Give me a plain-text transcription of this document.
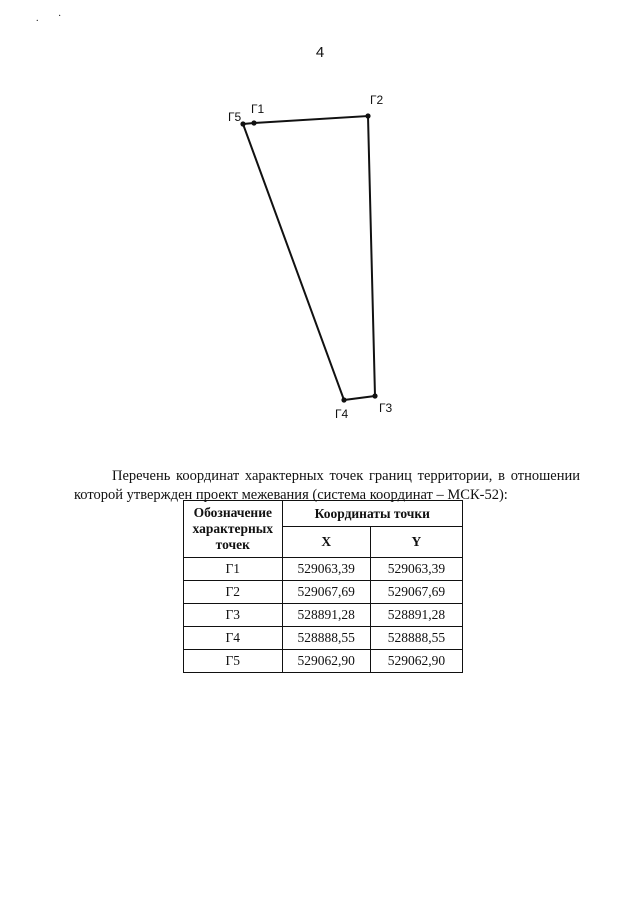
. ·
4
Г1
Г2
Г3
Г4
Г5

Перечень координат характерных точек границ территории, в отношении которой утвержден проект межевания (система координат – МСК-52):

Обозначение характерных точек	Координаты точки	
	X	Y
Г1	529063,39	529063,39
Г2	529067,69	529067,69
Г3	528891,28	528891,28
Г4	528888,55	528888,55
Г5	529062,90	529062,90
